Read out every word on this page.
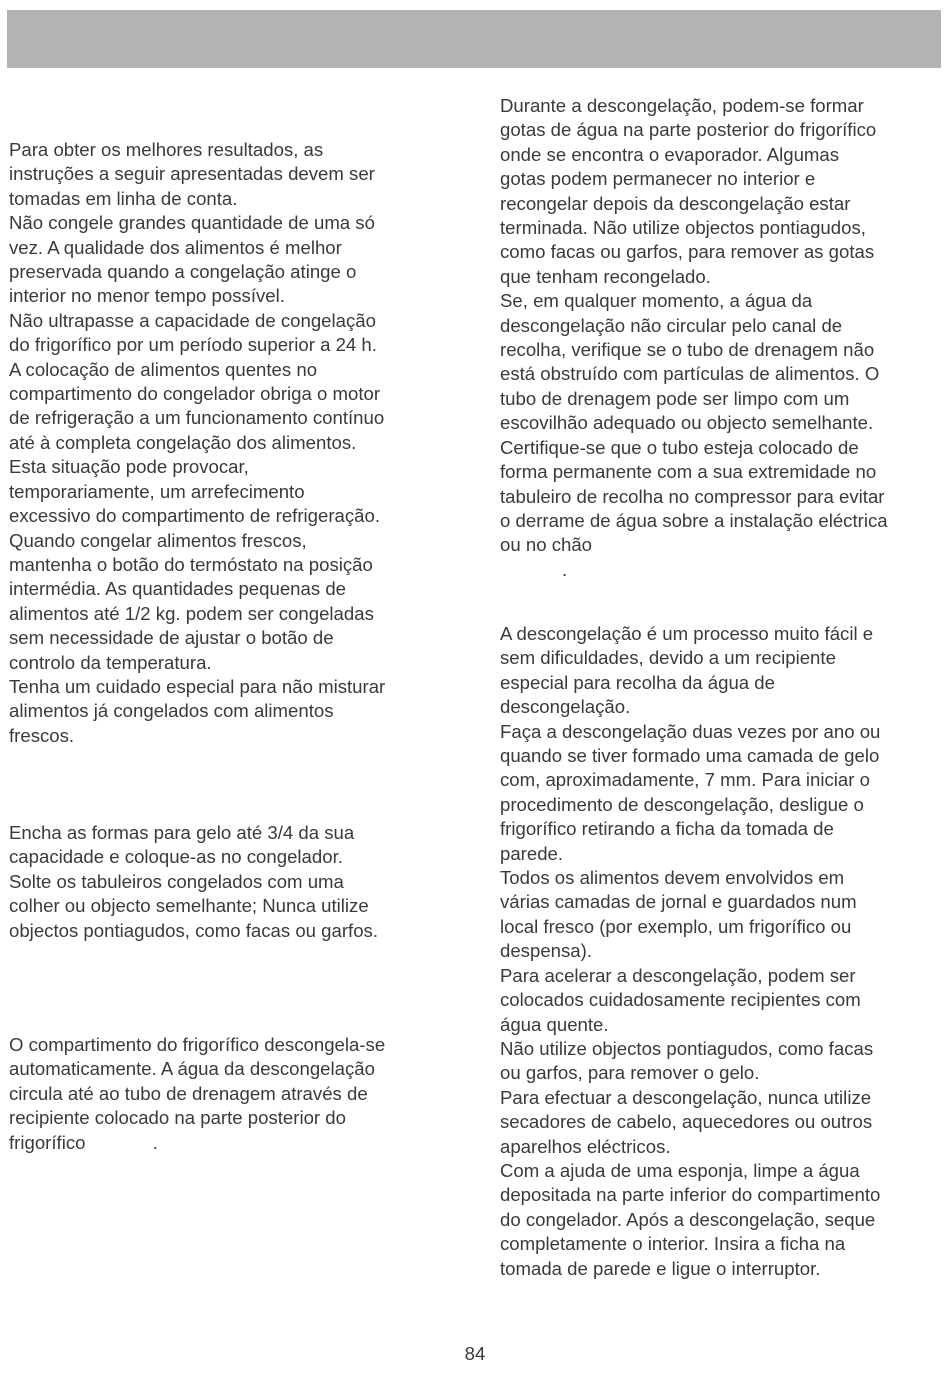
Para obter os melhores resultados, as
instruções a seguir apresentadas devem ser
tomadas em linha de conta.
Não congele grandes quantidade de uma só
vez. A qualidade dos alimentos é melhor
preservada quando a congelação atinge o
interior no menor tempo possível.
Não ultrapasse a capacidade de congelação
do frigorífico por um período superior a 24 h.
A colocação de alimentos quentes no
compartimento do congelador obriga o motor
de refrigeração a um funcionamento contínuo
até à completa congelação dos alimentos.
Esta situação pode provocar,
temporariamente, um arrefecimento
excessivo do compartimento de refrigeração.
Quando congelar alimentos frescos,
mantenha o botão do termóstato na posição
intermédia. As quantidades pequenas de
alimentos até 1/2 kg. podem ser congeladas
sem necessidade de ajustar o botão de
controlo da temperatura.
Tenha um cuidado especial para não misturar
alimentos já congelados com alimentos
frescos.
Encha as formas para gelo até 3/4 da sua
capacidade e coloque-as no congelador.
Solte os tabuleiros congelados com uma
colher ou objecto semelhante; Nunca utilize
objectos pontiagudos, como facas ou garfos.
O compartimento do frigorífico descongela-se
automaticamente. A água da descongelação
circula até ao tubo de drenagem através de
recipiente colocado na parte posterior do
frigorífico             .
Durante a descongelação, podem-se formar
gotas de água na parte posterior do frigorífico
onde se encontra o evaporador. Algumas
gotas podem permanecer no interior e
recongelar depois da descongelação estar
terminada. Não utilize objectos pontiagudos,
como facas ou garfos, para remover as gotas
que tenham recongelado.
Se, em qualquer momento, a água da
descongelação não circular pelo canal de
recolha, verifique se o tubo de drenagem não
está obstruído com partículas de alimentos. O
tubo de drenagem pode ser limpo com um
escovilhão adequado ou objecto semelhante.
Certifique-se que o tubo esteja colocado de
forma permanente com a sua extremidade no
tabuleiro de recolha no compressor para evitar
o derrame de água sobre a instalação eléctrica
ou no chão
.
A descongelação é um processo muito fácil e
sem dificuldades, devido a um recipiente
especial para recolha da água de
descongelação.
Faça a descongelação duas vezes por ano ou
quando se tiver formado uma camada de gelo
com, aproximadamente, 7 mm. Para iniciar o
procedimento de descongelação, desligue o
frigorífico retirando a ficha da tomada de
parede.
Todos os alimentos devem envolvidos em
várias camadas de jornal e guardados num
local fresco (por exemplo, um frigorífico ou
despensa).
Para acelerar a descongelação, podem ser
colocados cuidadosamente recipientes com
água quente.
Não utilize objectos pontiagudos, como facas
ou garfos, para remover o gelo.
Para efectuar a descongelação, nunca utilize
secadores de cabelo, aquecedores ou outros
aparelhos eléctricos.
Com a ajuda de uma esponja, limpe a água
depositada na parte inferior do compartimento
do congelador. Após a descongelação, seque
completamente o interior. Insira a ficha na
tomada de parede e ligue o interruptor.
84
